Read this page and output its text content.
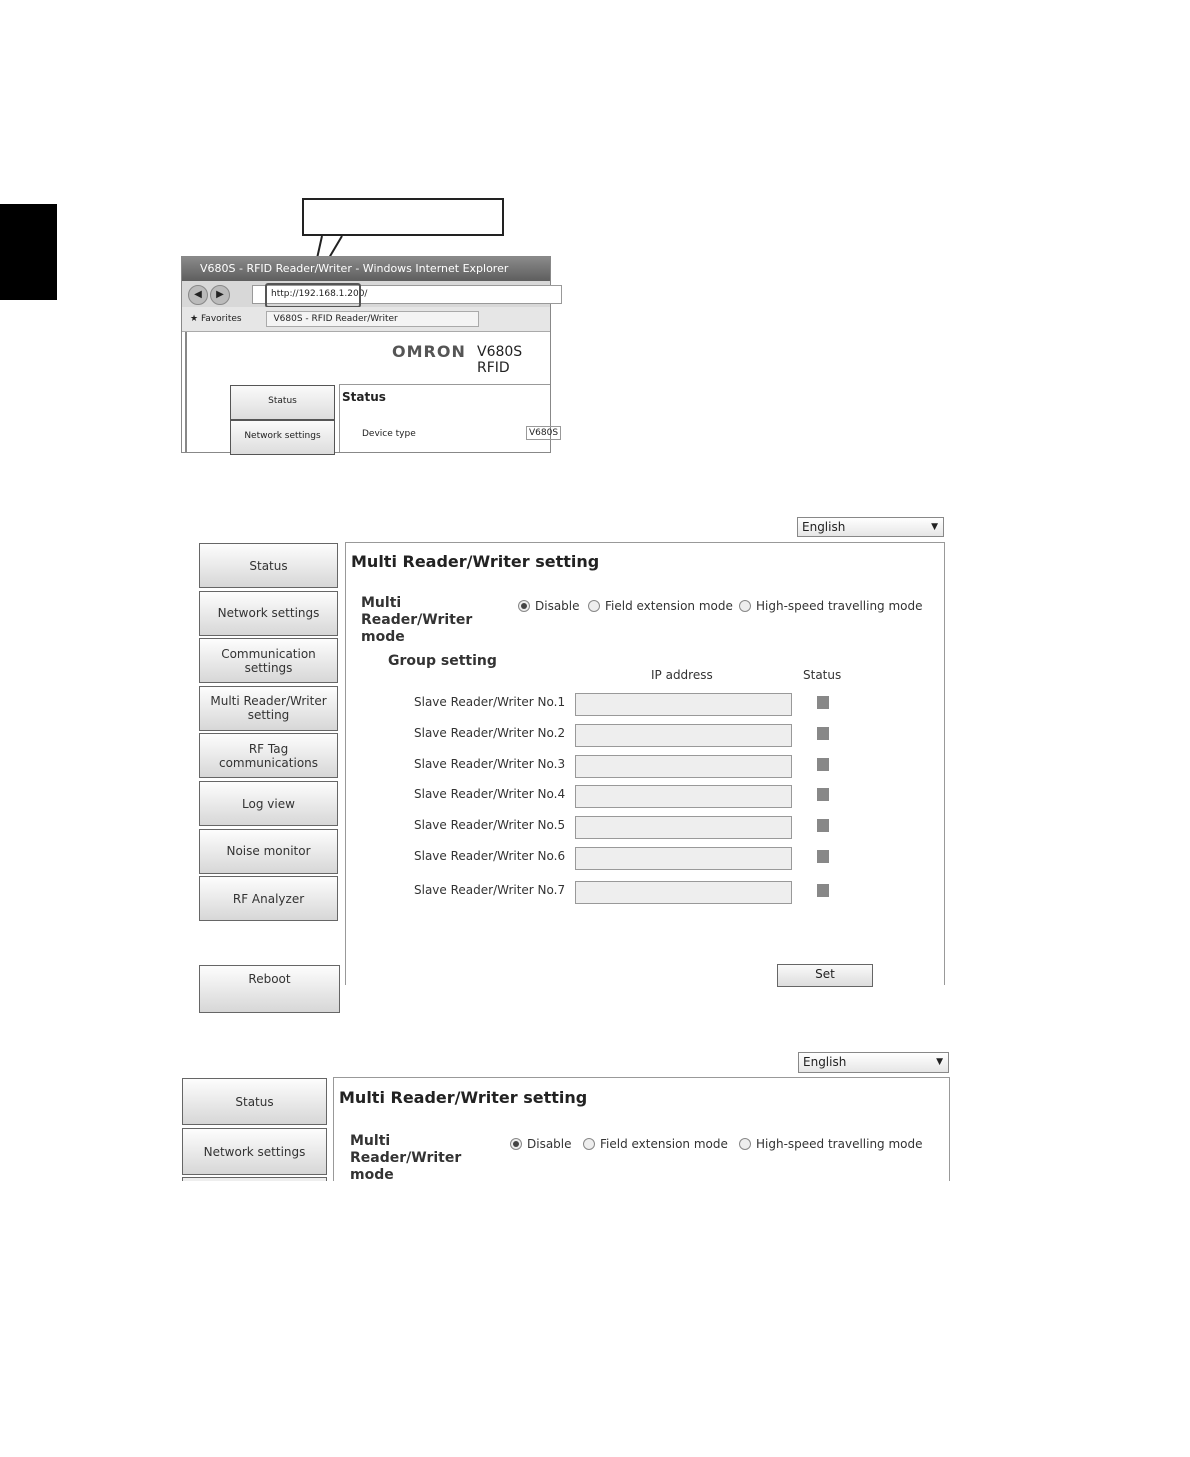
V680S - RFID Reader/Writer - Windows Internet Explorer
◀	▶	http://192.168.1.200/
★ Favorites	V680S - RFID Reader/Writer
OMRON V680S RFID
Status
Network settings
Status
Device type	V680S
English	▼
Status
Network settings
Communication settings
Multi Reader/Writer setting
RF Tag communications
Log view
Noise monitor
RF Analyzer
Reboot
Multi Reader/Writer setting
Multi Reader/Writer mode
Disable Field extension mode High-speed travelling mode
Group setting
IP address	Status
Slave Reader/Writer No.1
Slave Reader/Writer No.2
Slave Reader/Writer No.3
Slave Reader/Writer No.4
Slave Reader/Writer No.5
Slave Reader/Writer No.6
Slave Reader/Writer No.7
Set
English	▼
Status
Network settings
Multi Reader/Writer setting
Multi Reader/Writer mode
Disable Field extension mode High-speed travelling mode
